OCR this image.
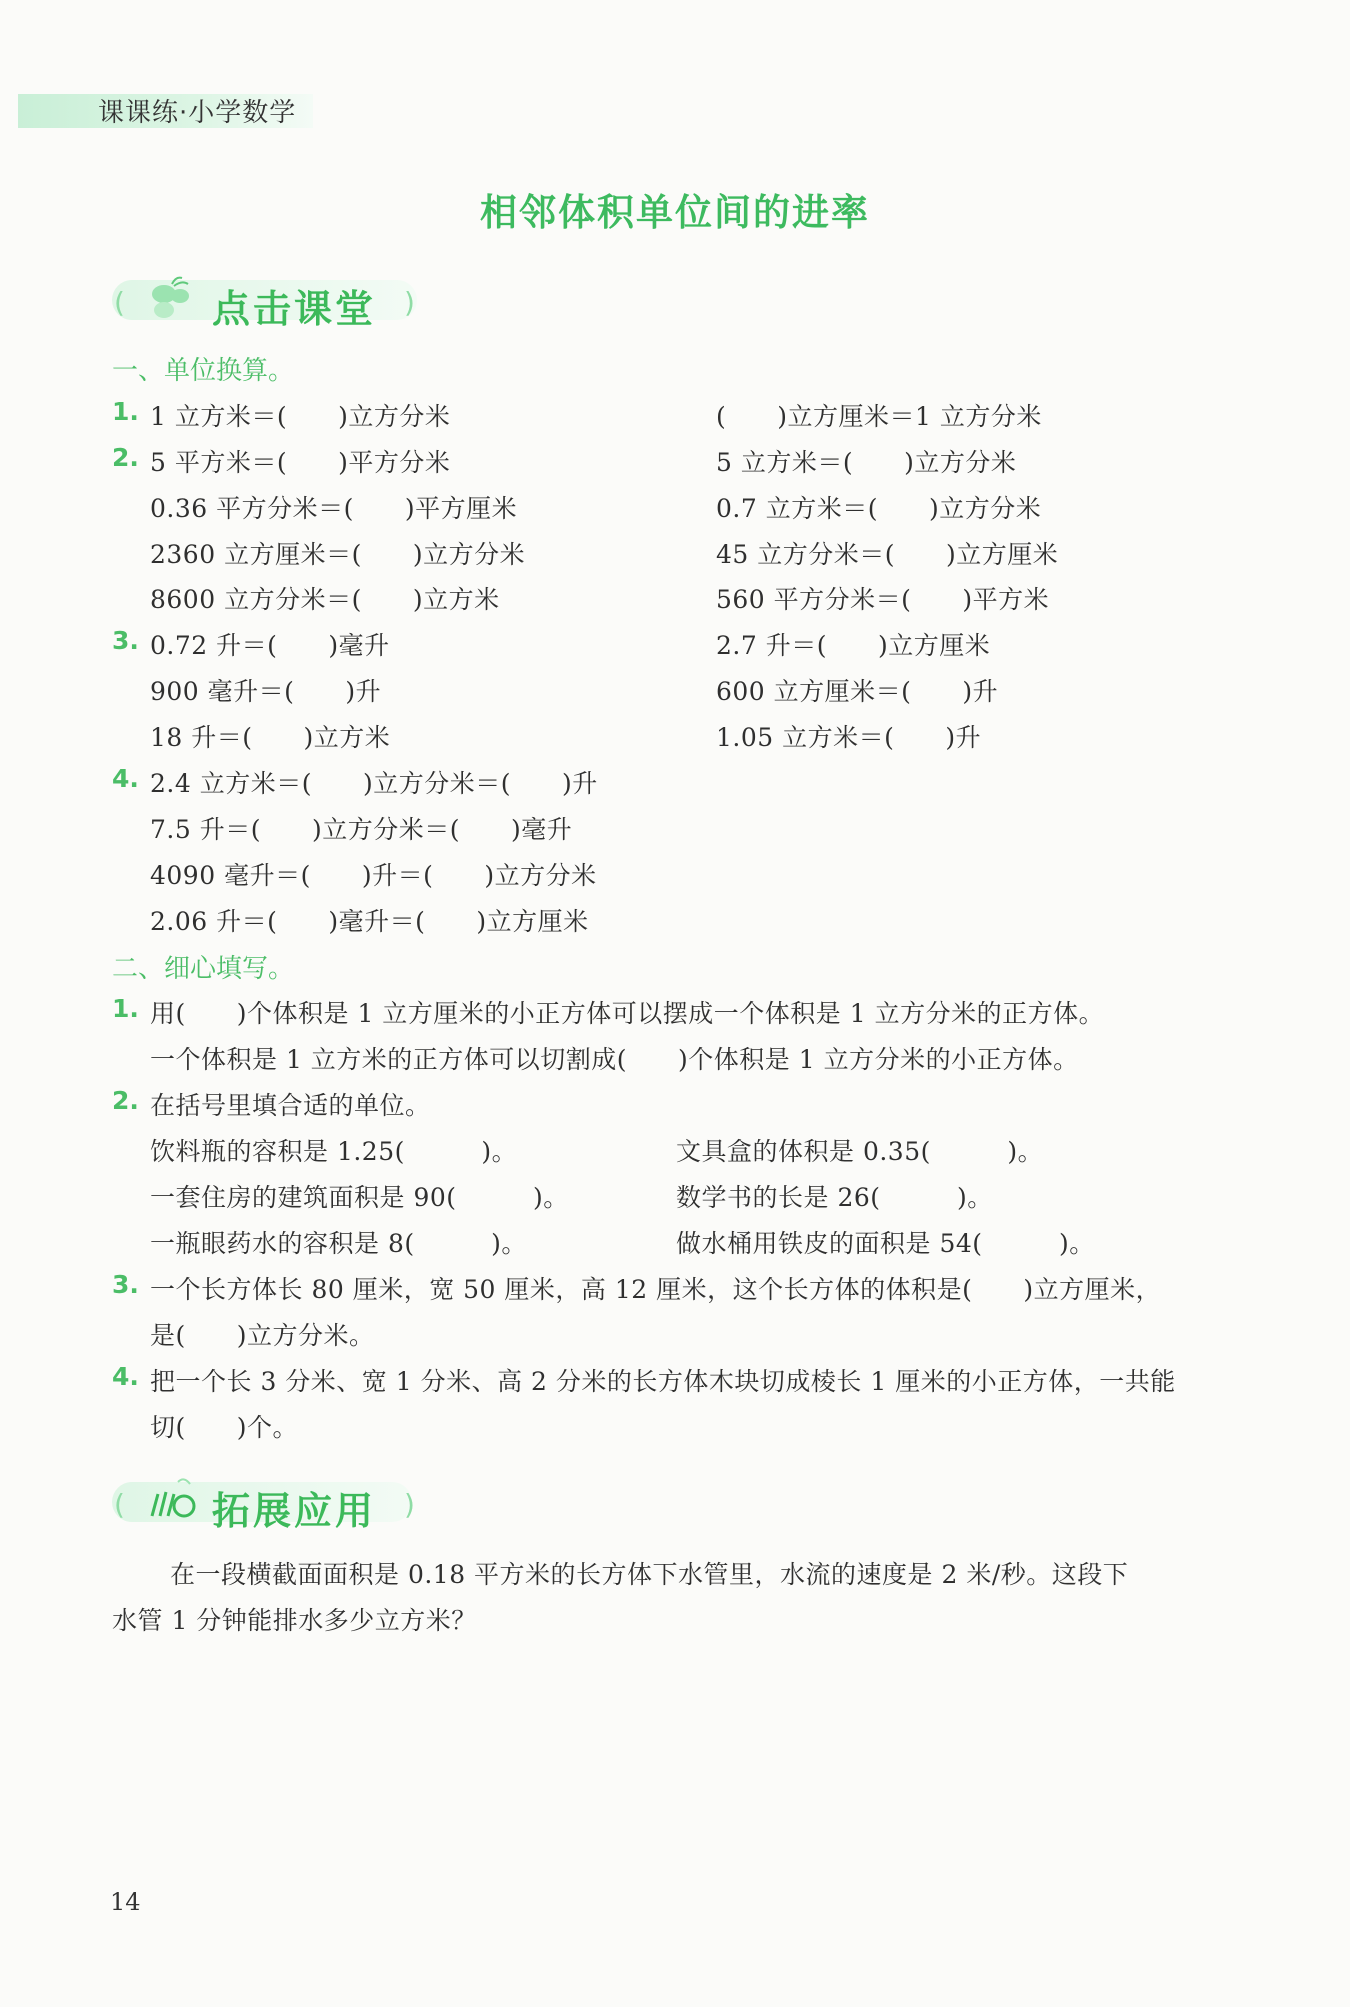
课课练·小学数学
相邻体积单位间的进率
( 点击课堂 )
一、单位换算。
1.
2.
3.
4.
1 立方米＝(　　)立方分米
5 平方米＝(　　)平方分米
0.36 平方分米＝(　　)平方厘米
2360 立方厘米＝(　　)立方分米
8600 立方分米＝(　　)立方米
0.72 升＝(　　)毫升
900 毫升＝(　　)升
18 升＝(　　)立方米
2.4 立方米＝(　　)立方分米＝(　　)升
7.5 升＝(　　)立方分米＝(　　)毫升
4090 毫升＝(　　)升＝(　　)立方分米
2.06 升＝(　　)毫升＝(　　)立方厘米
(　　)立方厘米＝1 立方分米
5 立方米＝(　　)立方分米
0.7 立方米＝(　　)立方分米
45 立方分米＝(　　)立方厘米
560 平方分米＝(　　)平方米
2.7 升＝(　　)立方厘米
600 立方厘米＝(　　)升
1.05 立方米＝(　　)升
二、细心填写。
1. 用(　　)个体积是 1 立方厘米的小正方体可以摆成一个体积是 1 立方分米的正方体。
一个体积是 1 立方米的正方体可以切割成(　　)个体积是 1 立方分米的小正方体。
2. 在括号里填合适的单位。
饮料瓶的容积是 1.25(　　　)。
一套住房的建筑面积是 90(　　　)。
一瓶眼药水的容积是 8(　　　)。
文具盒的体积是 0.35(　　　)。
数学书的长是 26(　　　)。
做水桶用铁皮的面积是 54(　　　)。
3. 一个长方体长 80 厘米，宽 50 厘米，高 12 厘米，这个长方体的体积是(　　)立方厘米，
是(　　)立方分米。
4. 把一个长 3 分米、宽 1 分米、高 2 分米的长方体木块切成棱长 1 厘米的小正方体，一共能
切(　　)个。
( 拓展应用 )
在一段横截面面积是 0.18 平方米的长方体下水管里，水流的速度是 2 米/秒。这段下
水管 1 分钟能排水多少立方米？
14
